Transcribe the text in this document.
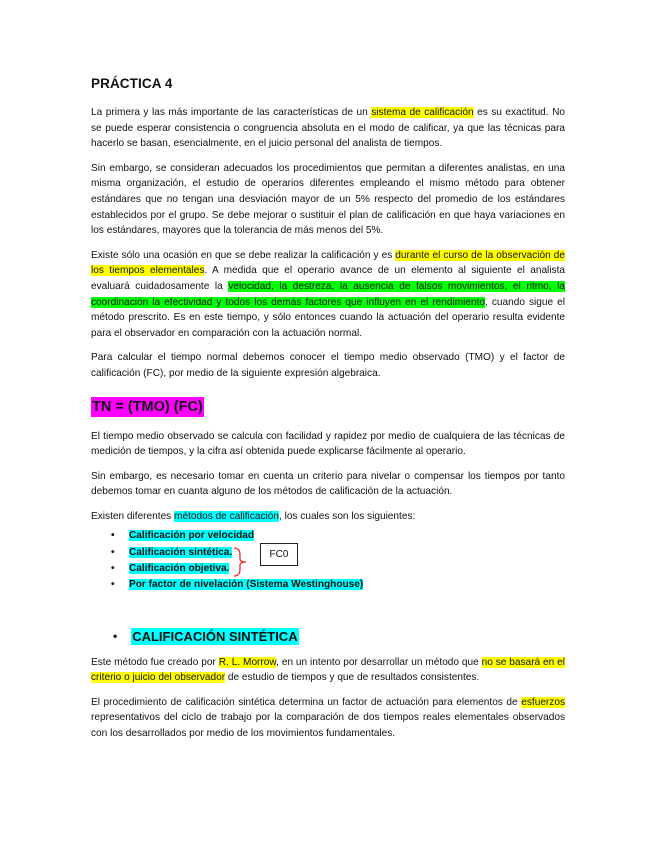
PRÁCTICA 4

La primera y las más importante de las características de un sistema de calificación es su exactitud. No se puede esperar consistencia o congruencia absoluta en el modo de calificar, ya que las técnicas para hacerlo se basan, esencialmente, en el juicio personal del analista de tiempos.

Sin embargo, se consideran adecuados los procedimientos que permitan a diferentes analistas, en una misma organización, el estudio de operarios diferentes empleando el mismo método para obtener estándares que no tengan una desviación mayor de un 5% respecto del promedio de los estándares establecidos por el grupo. Se debe mejorar o sustituir el plan de calificación en que haya variaciones en los estándares, mayores que la tolerancia de más menos del 5%.

Existe sólo una ocasión en que se debe realizar la calificación y es durante el curso de la observación de los tiempos elementales. A medida que el operario avance de un elemento al siguiente el analista evaluará cuidadosamente la velocidad, la destreza, la ausencia de falsos movimientos, el ritmo, la coordinación la efectividad y todos los demás factores que influyen en el rendimiento, cuando sigue el método prescrito. Es en este tiempo, y sólo entonces cuando la actuación del operario resulta evidente para el observador en comparación con la actuación normal.

Para calcular el tiempo normal debemos conocer el tiempo medio observado (TMO) y el factor de calificación (FC), por medio de la siguiente expresión algebraica.

TN = (TMO) (FC)

El tiempo medio observado se calcula con facilidad y rapidez por medio de cualquiera de las técnicas de medición de tiempos, y la cifra así obtenida puede explicarse fácilmente al operario.

Sin embargo, es necesario tomar en cuenta un criterio para nivelar o compensar los tiempos por tanto debemos tomar en cuanta alguno de los métodos de calificación de la actuación.

Existen diferentes métodos de calificación, los cuales son los siguientes:

• Calificación por velocidad
• Calificación sintética.
• Calificación objetiva.
• Por factor de nivelación (Sistema Westinghouse)
FC0
• CALIFICACIÓN SINTÉTICA

Este método fue creado por R. L. Morrow, en un intento por desarrollar un método que no se basará en el criterio o juicio del observador de estudio de tiempos y que de resultados consistentes.

El procedimiento de calificación sintética determina un factor de actuación para elementos de esfuerzos representativos del ciclo de trabajo por la comparación de dos tiempos reales elementales observados con los desarrollados por medio de los movimientos fundamentales.
